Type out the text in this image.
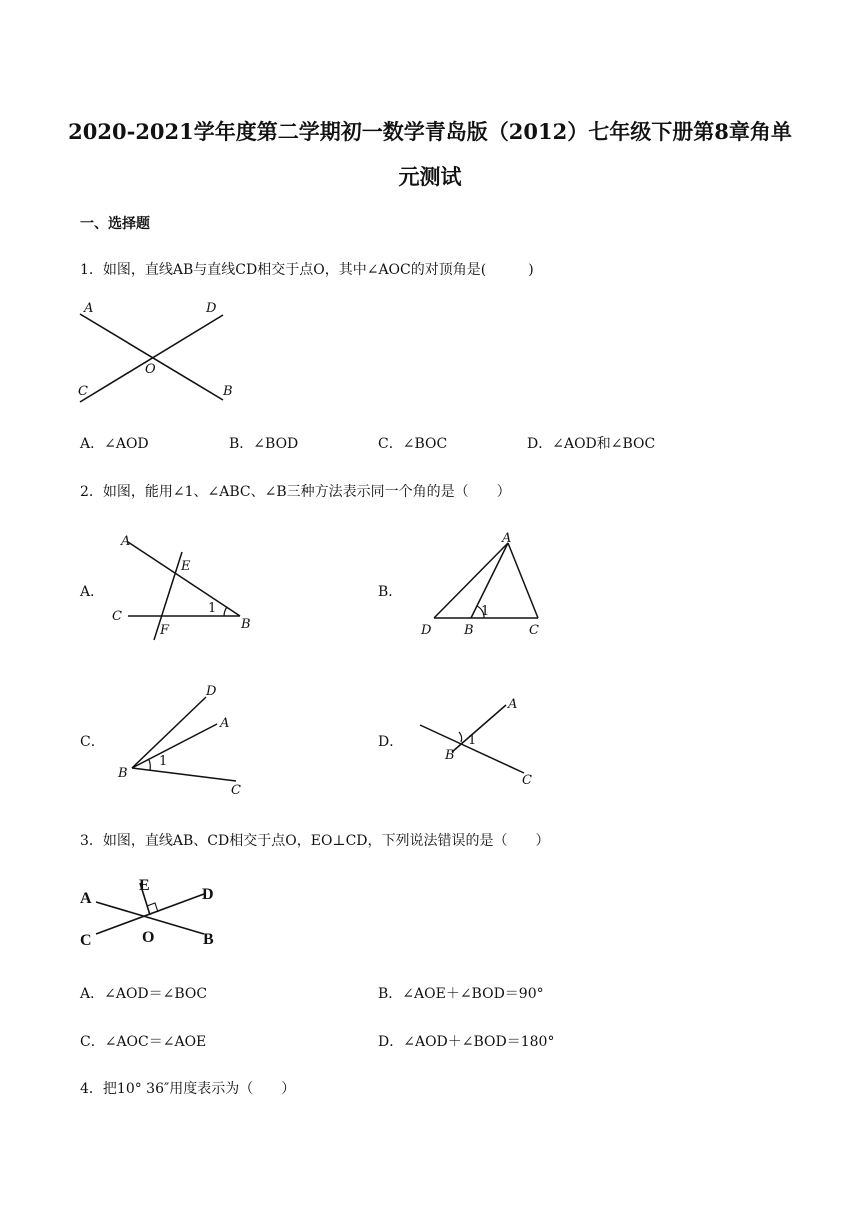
2020-2021学年度第二学期初一数学青岛版（2012）七年级下册第8章角单
元测试
一、选择题
1．如图，直线AB与直线CD相交于点O，其中∠AOC的对顶角是(　　　)
A	D
O
C	B
A．∠AOD	B．∠BOD	C．∠BOC	D．∠AOD和∠BOC
2．如图，能用∠1、∠ABC、∠B三种方法表示同一个角的是（　　）
A．
A
E
C
F	B
1
B．
A
D	B	C
1
C．
D
A
B
C
1
D．
A
B
C
1
3．如图，直线AB、CD相交于点O，EO⊥CD，下列说法错误的是（　　）
A
E
D
C	O	B
A．∠AOD＝∠BOC	B．∠AOE＋∠BOD＝90°
C．∠AOC＝∠AOE	D．∠AOD＋∠BOD＝180°
4．把10° 36″用度表示为（　　）
